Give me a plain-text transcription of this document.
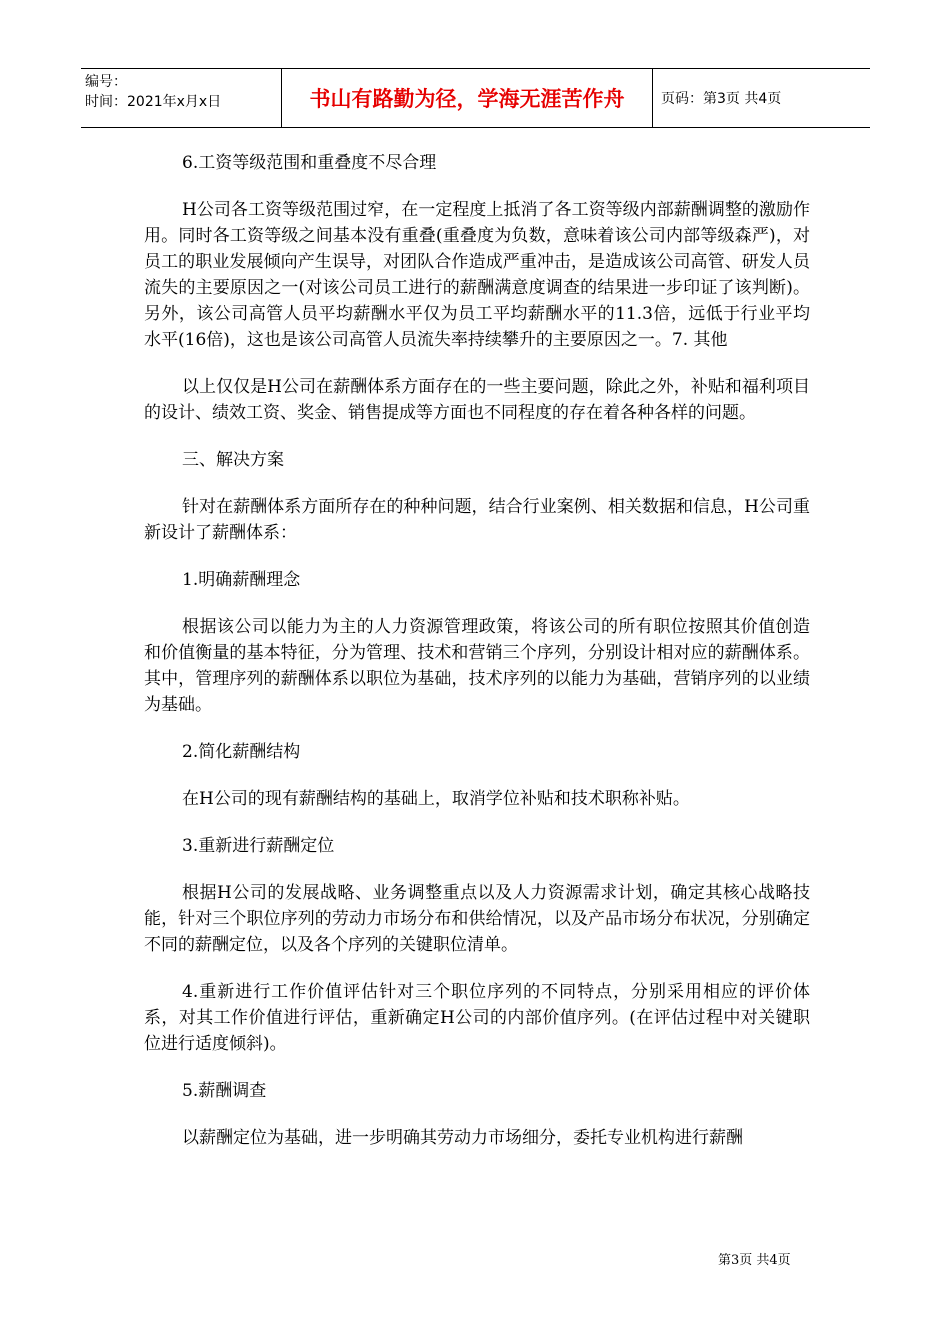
编号：
时间：2021年x月x日	书山有路勤为径，学海无涯苦作舟	页码：第3页 共4页

6.工资等级范围和重叠度不尽合理

H公司各工资等级范围过窄，在一定程度上抵消了各工资等级内部薪酬调整的激励作用。同时各工资等级之间基本没有重叠(重叠度为负数，意味着该公司内部等级森严)，对员工的职业发展倾向产生误导，对团队合作造成严重冲击，是造成该公司高管、研发人员流失的主要原因之一(对该公司员工进行的薪酬满意度调查的结果进一步印证了该判断)。另外，该公司高管人员平均薪酬水平仅为员工平均薪酬水平的11.3倍，远低于行业平均水平(16倍)，这也是该公司高管人员流失率持续攀升的主要原因之一。7. 其他

以上仅仅是H公司在薪酬体系方面存在的一些主要问题，除此之外，补贴和福利项目的设计、绩效工资、奖金、销售提成等方面也不同程度的存在着各种各样的问题。

三、解决方案

针对在薪酬体系方面所存在的种种问题，结合行业案例、相关数据和信息，H公司重新设计了薪酬体系：

1.明确薪酬理念

根据该公司以能力为主的人力资源管理政策，将该公司的所有职位按照其价值创造和价值衡量的基本特征，分为管理、技术和营销三个序列，分别设计相对应的薪酬体系。其中，管理序列的薪酬体系以职位为基础，技术序列的以能力为基础，营销序列的以业绩为基础。

2.简化薪酬结构

在H公司的现有薪酬结构的基础上，取消学位补贴和技术职称补贴。

3.重新进行薪酬定位

根据H公司的发展战略、业务调整重点以及人力资源需求计划，确定其核心战略技能，针对三个职位序列的劳动力市场分布和供给情况，以及产品市场分布状况，分别确定不同的薪酬定位，以及各个序列的关键职位清单。

4.重新进行工作价值评估针对三个职位序列的不同特点，分别采用相应的评价体系，对其工作价值进行评估，重新确定H公司的内部价值序列。(在评估过程中对关键职位进行适度倾斜)。

5.薪酬调查

以薪酬定位为基础，进一步明确其劳动力市场细分，委托专业机构进行薪酬

第3页 共4页
